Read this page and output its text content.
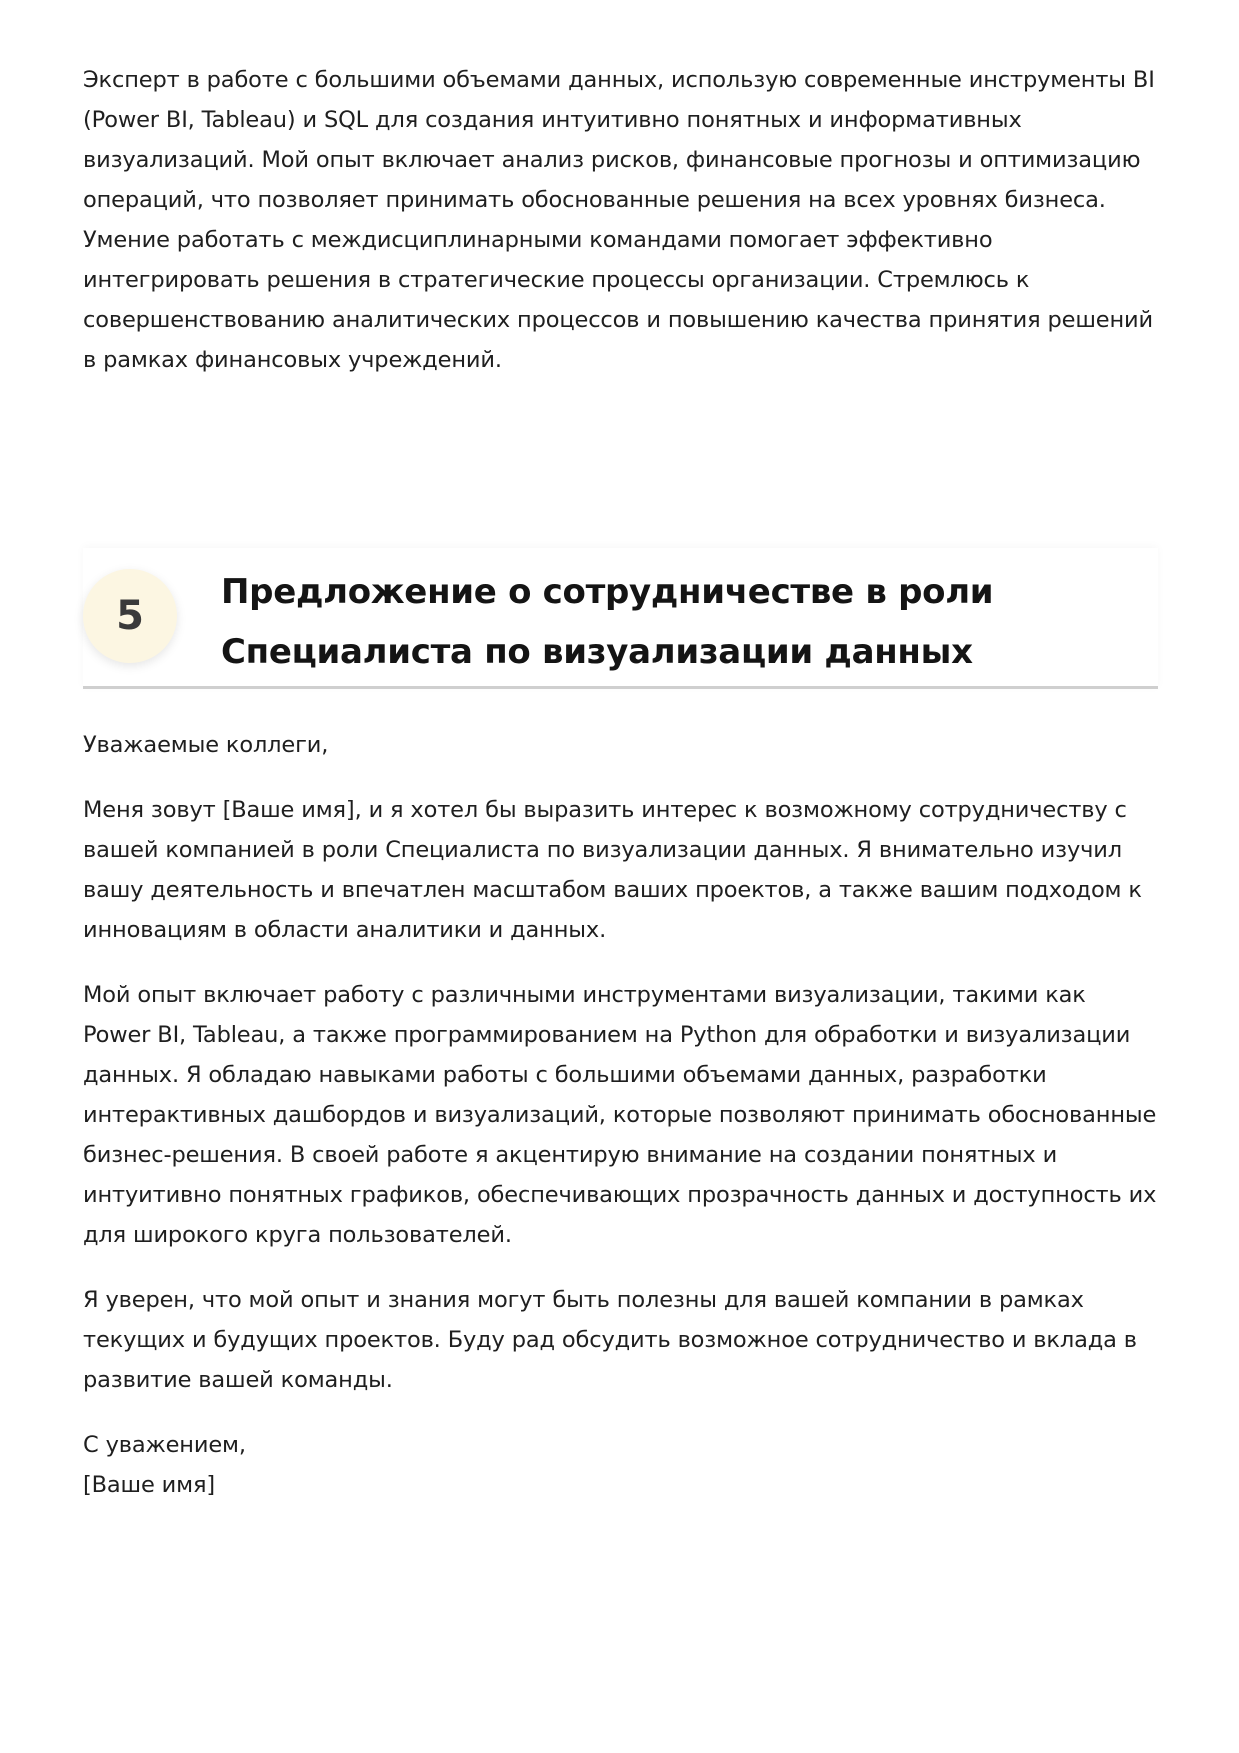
Эксперт в работе с большими объемами данных, использую современные инструменты BI (Power BI, Tableau) и SQL для создания интуитивно понятных и информативных визуализаций. Мой опыт включает анализ рисков, финансовые прогнозы и оптимизацию операций, что позволяет принимать обоснованные решения на всех уровнях бизнеса. Умение работать с междисциплинарными командами помогает эффективно интегрировать решения в стратегические процессы организации. Стремлюсь к совершенствованию аналитических процессов и повышению качества принятия решений в рамках финансовых учреждений.

5
Предложение о сотрудничестве в роли Специалиста по визуализации данных

Уважаемые коллеги,

Меня зовут [Ваше имя], и я хотел бы выразить интерес к возможному сотрудничеству с вашей компанией в роли Специалиста по визуализации данных. Я внимательно изучил вашу деятельность и впечатлен масштабом ваших проектов, а также вашим подходом к инновациям в области аналитики и данных.

Мой опыт включает работу с различными инструментами визуализации, такими как Power BI, Tableau, а также программированием на Python для обработки и визуализации данных. Я обладаю навыками работы с большими объемами данных, разработки интерактивных дашбордов и визуализаций, которые позволяют принимать обоснованные бизнес-решения. В своей работе я акцентирую внимание на создании понятных и интуитивно понятных графиков, обеспечивающих прозрачность данных и доступность их для широкого круга пользователей.

Я уверен, что мой опыт и знания могут быть полезны для вашей компании в рамках текущих и будущих проектов. Буду рад обсудить возможное сотрудничество и вклада в развитие вашей команды.

С уважением,
[Ваше имя]
